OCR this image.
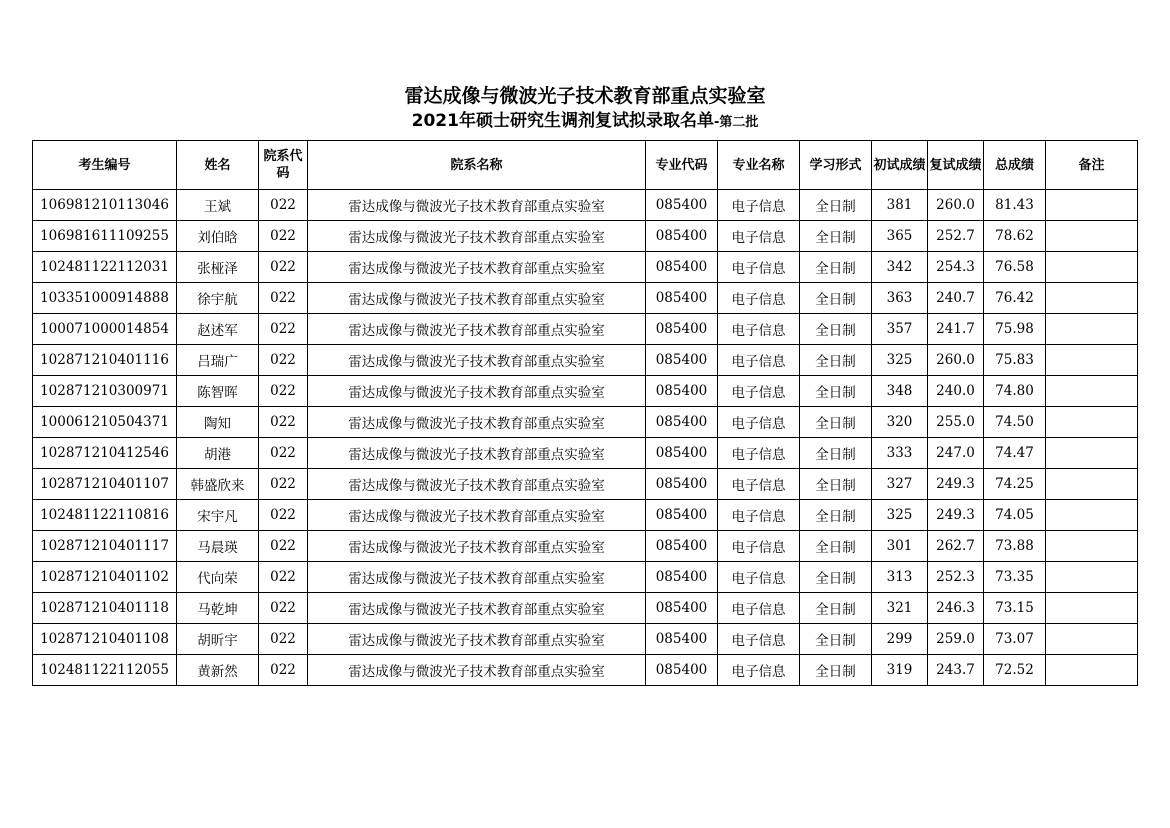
雷达成像与微波光子技术教育部重点实验室
2021年硕士研究生调剂复试拟录取名单-第二批
考生编号	姓名	院系代码	院系名称	专业代码	专业名称	学习形式	初试成绩	复试成绩	总成绩	备注
106981210113046	王斌	022	雷达成像与微波光子技术教育部重点实验室	085400	电子信息	全日制	381	260.0	81.43	
106981611109255	刘伯晗	022	雷达成像与微波光子技术教育部重点实验室	085400	电子信息	全日制	365	252.7	78.62	
102481122112031	张桠泽	022	雷达成像与微波光子技术教育部重点实验室	085400	电子信息	全日制	342	254.3	76.58	
103351000914888	徐宇航	022	雷达成像与微波光子技术教育部重点实验室	085400	电子信息	全日制	363	240.7	76.42	
100071000014854	赵述军	022	雷达成像与微波光子技术教育部重点实验室	085400	电子信息	全日制	357	241.7	75.98	
102871210401116	吕瑞广	022	雷达成像与微波光子技术教育部重点实验室	085400	电子信息	全日制	325	260.0	75.83	
102871210300971	陈智晖	022	雷达成像与微波光子技术教育部重点实验室	085400	电子信息	全日制	348	240.0	74.80	
100061210504371	陶知	022	雷达成像与微波光子技术教育部重点实验室	085400	电子信息	全日制	320	255.0	74.50	
102871210412546	胡港	022	雷达成像与微波光子技术教育部重点实验室	085400	电子信息	全日制	333	247.0	74.47	
102871210401107	韩盛欣来	022	雷达成像与微波光子技术教育部重点实验室	085400	电子信息	全日制	327	249.3	74.25	
102481122110816	宋宇凡	022	雷达成像与微波光子技术教育部重点实验室	085400	电子信息	全日制	325	249.3	74.05	
102871210401117	马晨瑛	022	雷达成像与微波光子技术教育部重点实验室	085400	电子信息	全日制	301	262.7	73.88	
102871210401102	代向荣	022	雷达成像与微波光子技术教育部重点实验室	085400	电子信息	全日制	313	252.3	73.35	
102871210401118	马乾坤	022	雷达成像与微波光子技术教育部重点实验室	085400	电子信息	全日制	321	246.3	73.15	
102871210401108	胡昕宇	022	雷达成像与微波光子技术教育部重点实验室	085400	电子信息	全日制	299	259.0	73.07	
102481122112055	黄新然	022	雷达成像与微波光子技术教育部重点实验室	085400	电子信息	全日制	319	243.7	72.52	
